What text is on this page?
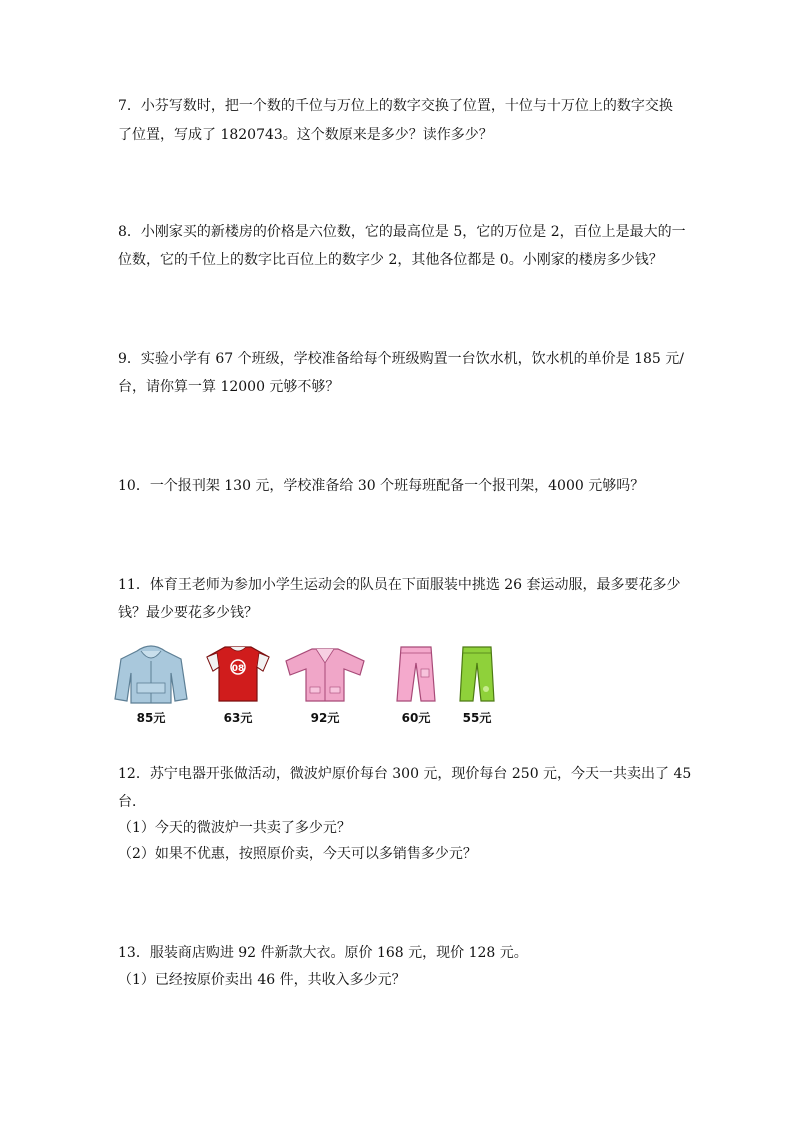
7．小芬写数时，把一个数的千位与万位上的数字交换了位置，十位与十万位上的数字交换
了位置，写成了 1820743。这个数原来是多少？读作多少？
8．小刚家买的新楼房的价格是六位数，它的最高位是 5，它的万位是 2，百位上是最大的一
位数，它的千位上的数字比百位上的数字少 2，其他各位都是 0。小刚家的楼房多少钱？
9．实验小学有 67 个班级，学校准备给每个班级购置一台饮水机，饮水机的单价是 185 元/
台，请你算一算 12000 元够不够？
10．一个报刊架 130 元，学校准备给 30 个班每班配备一个报刊架，4000 元够吗？
11．体育王老师为参加小学生运动会的队员在下面服装中挑选 26 套运动服，最多要花多少
钱？最少要花多少钱？
85元
08
63元	92元	60元	55元
12．苏宁电器开张做活动，微波炉原价每台 300 元，现价每台 250 元，今天一共卖出了 45
台．
（1）今天的微波炉一共卖了多少元？
（2）如果不优惠，按照原价卖，今天可以多销售多少元？
13．服装商店购进 92 件新款大衣。原价 168 元，现价 128 元。
（1）已经按原价卖出 46 件，共收入多少元？
